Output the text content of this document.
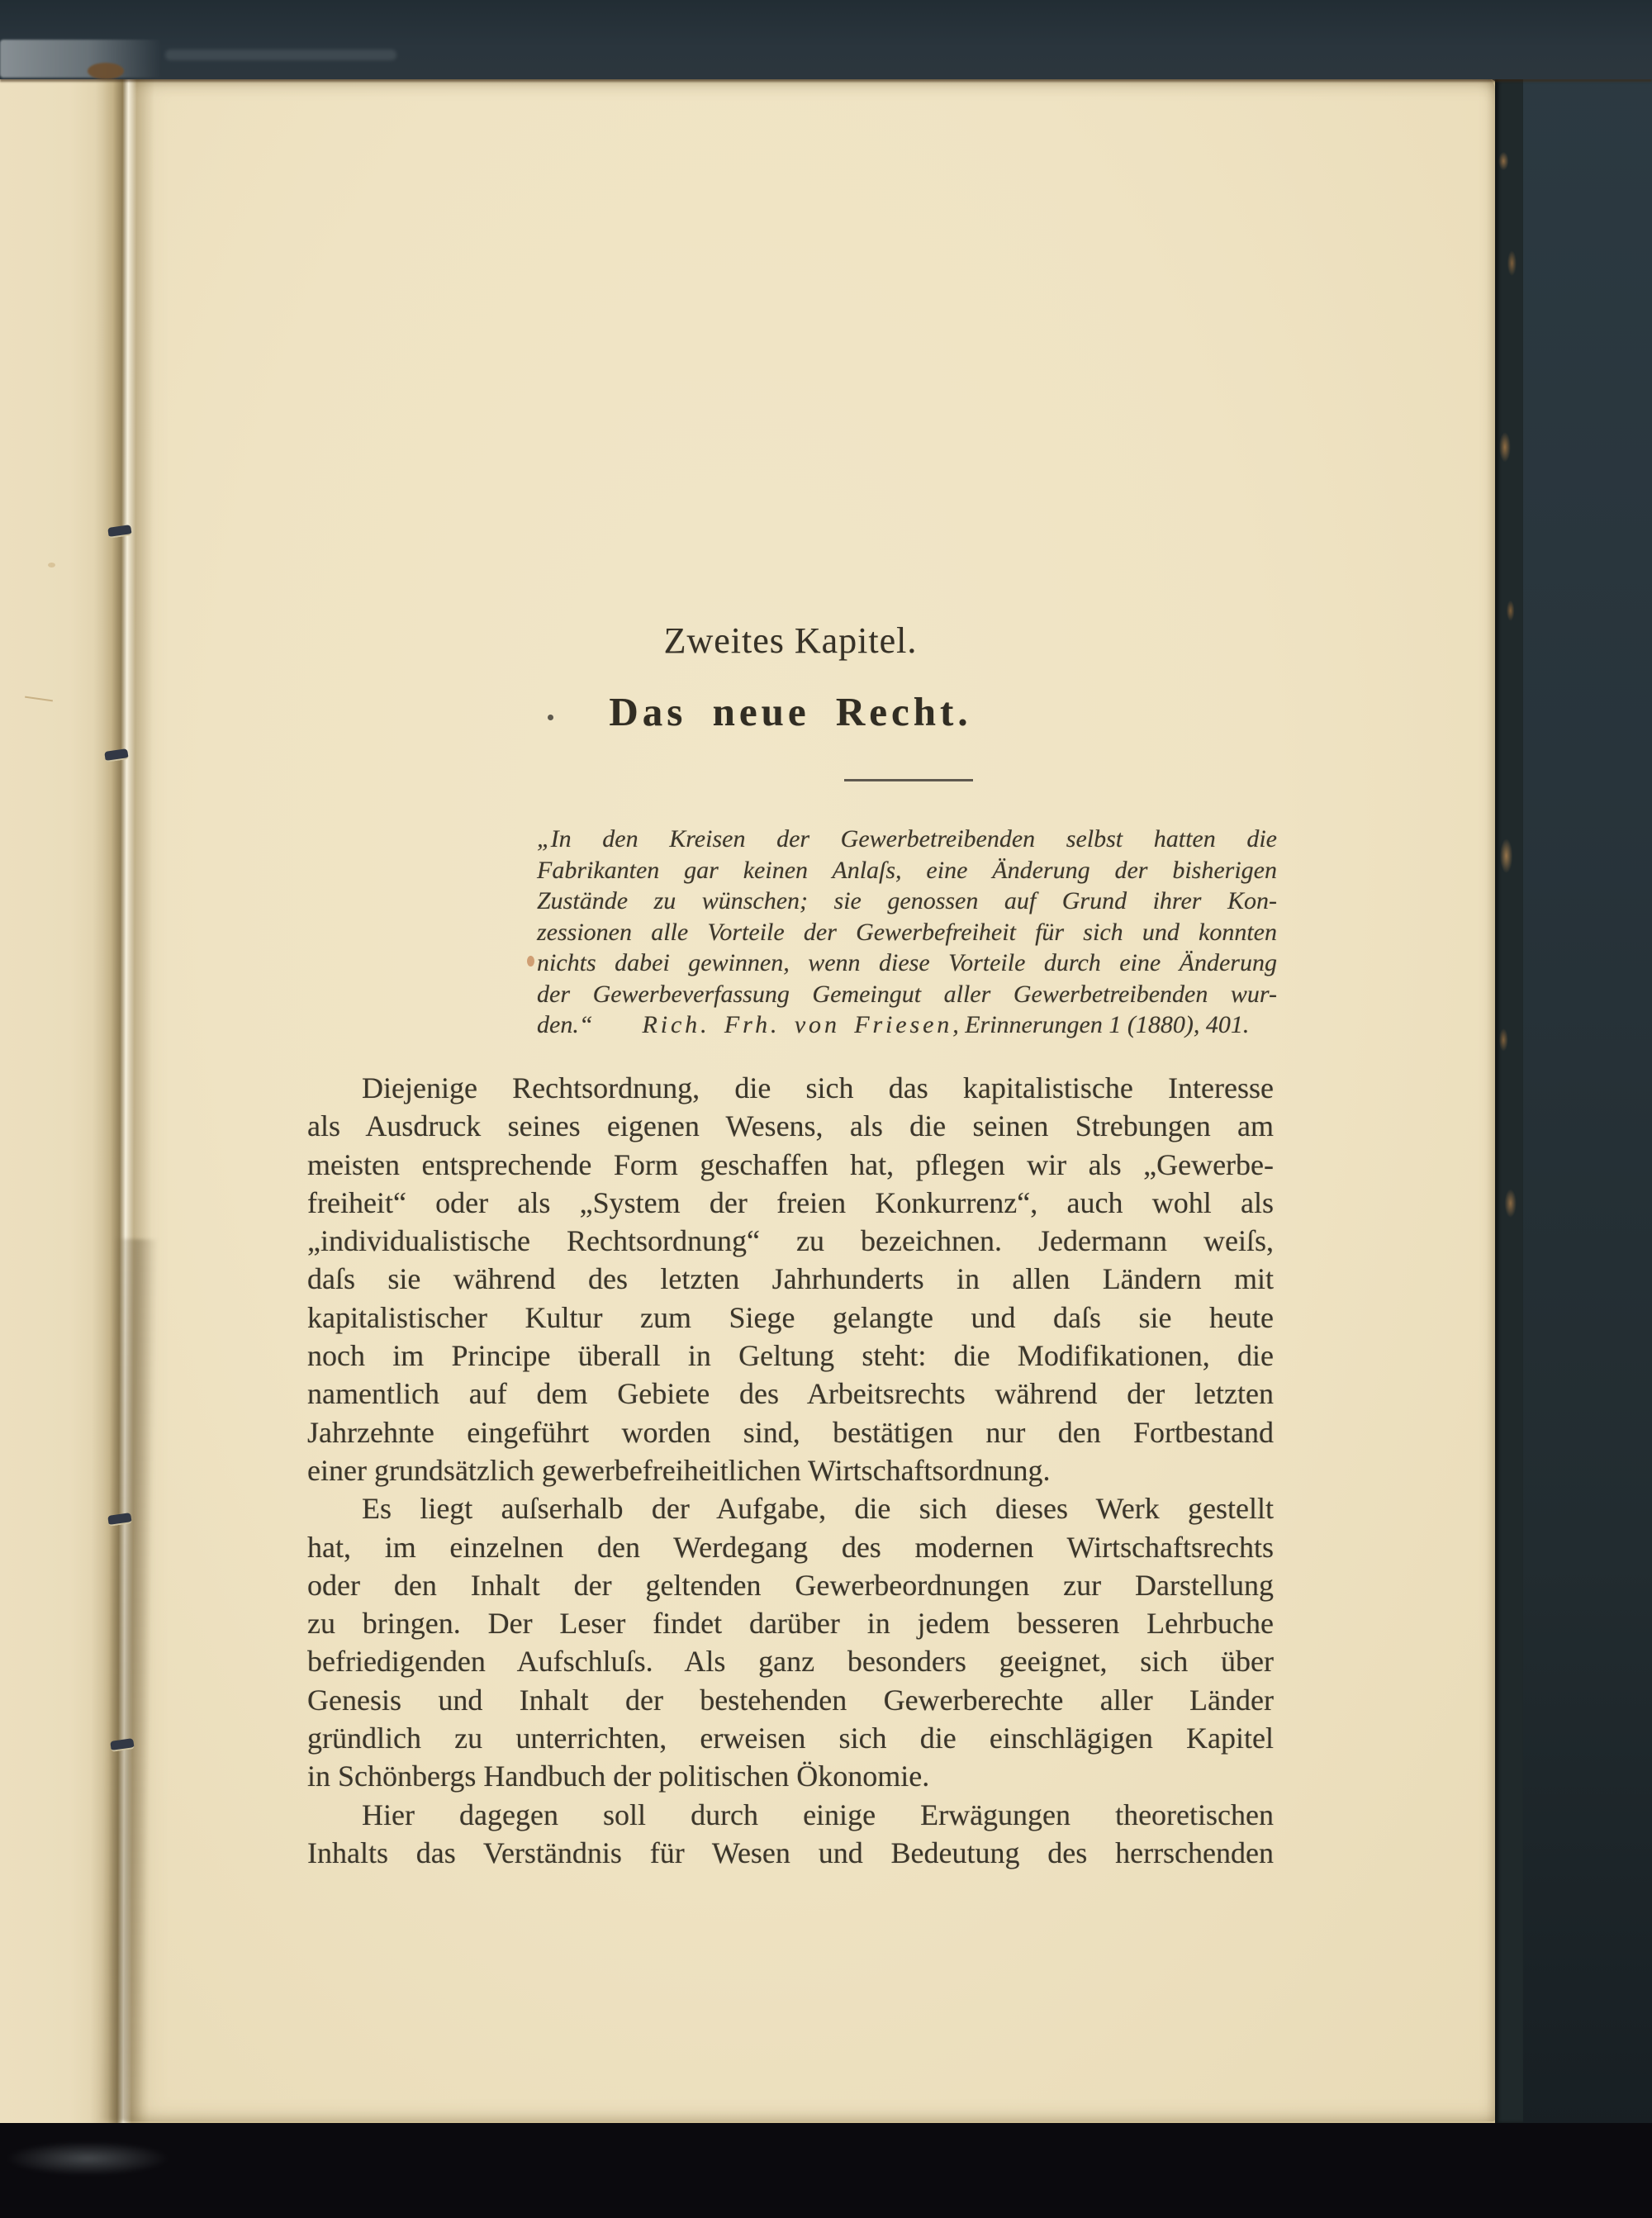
Zweites Kapitel.
Das neue Recht.
„In den Kreisen der Gewerbetreibenden selbst hatten die
Fabrikanten gar keinen Anlaſs, eine Änderung der bisherigen
Zustände zu wünschen; sie genossen auf Grund ihrer Kon-
zessionen alle Vorteile der Gewerbefreiheit für sich und konnten
nichts dabei gewinnen, wenn diese Vorteile durch eine Änderung
der Gewerbeverfassung Gemeingut aller Gewerbetreibenden wur-
den.“ Rich. Frh. von Friesen , Erinnerungen 1 (1880), 401.
Diejenige Rechtsordnung, die sich das kapitalistische Interesse
als Ausdruck seines eigenen Wesens, als die seinen Strebungen am
meisten entsprechende Form geschaffen hat, pflegen wir als „Gewerbe-
freiheit“ oder als „System der freien Konkurrenz“, auch wohl als
„individualistische Rechtsordnung“ zu bezeichnen. Jedermann weiſs,
daſs sie während des letzten Jahrhunderts in allen Ländern mit
kapitalistischer Kultur zum Siege gelangte und daſs sie heute
noch im Principe überall in Geltung steht: die Modifikationen, die
namentlich auf dem Gebiete des Arbeitsrechts während der letzten
Jahrzehnte eingeführt worden sind, bestätigen nur den Fortbestand
einer grundsätzlich gewerbefreiheitlichen Wirtschaftsordnung.
Es liegt auſserhalb der Aufgabe, die sich dieses Werk gestellt
hat, im einzelnen den Werdegang des modernen Wirtschaftsrechts
oder den Inhalt der geltenden Gewerbeordnungen zur Darstellung
zu bringen. Der Leser findet darüber in jedem besseren Lehrbuche
befriedigenden Aufschluſs. Als ganz besonders geeignet, sich über
Genesis und Inhalt der bestehenden Gewerberechte aller Länder
gründlich zu unterrichten, erweisen sich die einschlägigen Kapitel
in Schönbergs Handbuch der politischen Ökonomie.
Hier dagegen soll durch einige Erwägungen theoretischen
Inhalts das Verständnis für Wesen und Bedeutung des herrschenden
